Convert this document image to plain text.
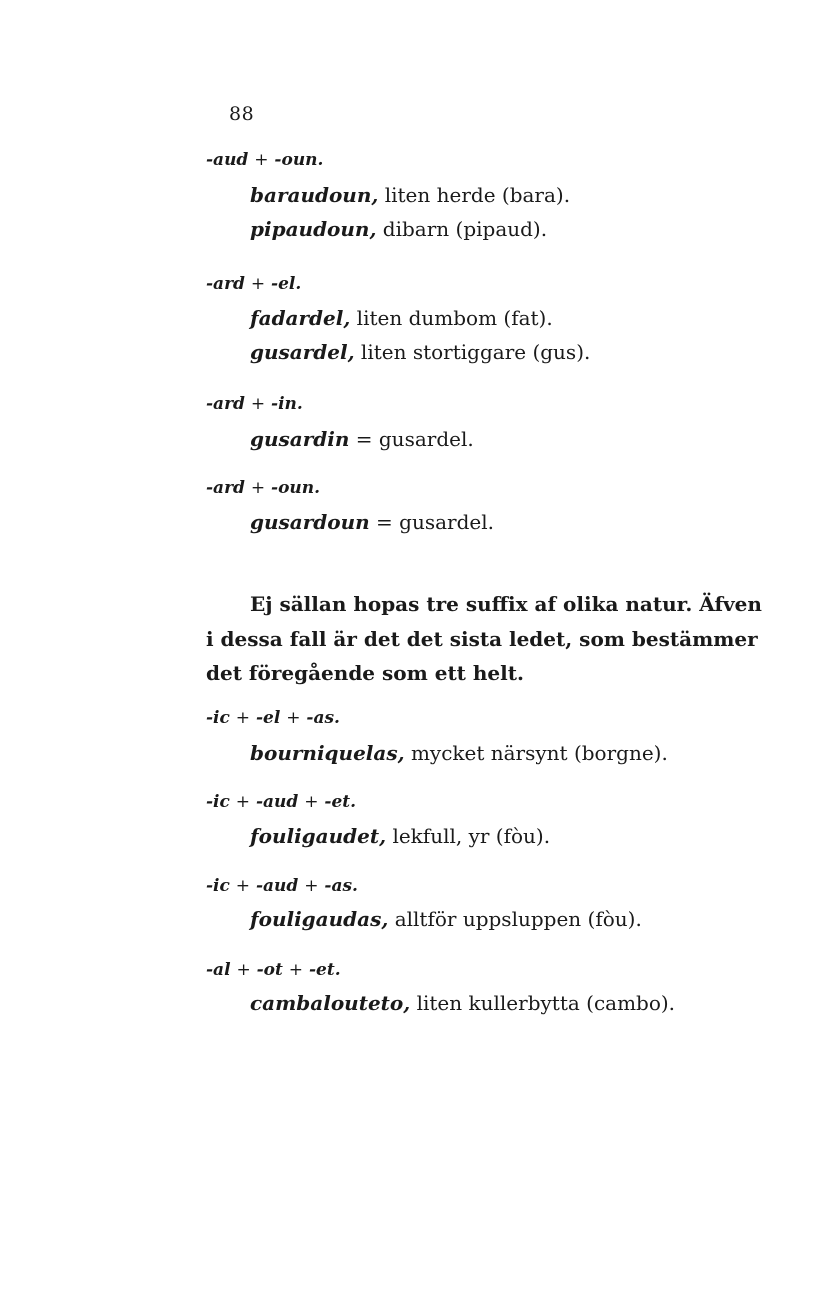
88
-aud + -oun.
baraudoun, liten herde (bara).
pipaudoun, dibarn (pipaud).
-ard + -el.
fadardel, liten dumbom (fat).
gusardel, liten stortiggare (gus).
-ard + -in.
gusardin = gusardel.
-ard + -oun.
gusardoun = gusardel.
Ej sällan hopas tre suffix af olika natur. Äfven
i dessa fall är det det sista ledet, som bestämmer
det föregående som ett helt.
-ic + -el + -as.
bourniquelas, mycket närsynt (borgne).
-ic + -aud + -et.
fouligaudet, lekfull, yr (fòu).
-ic + -aud + -as.
fouligaudas, alltför uppsluppen (fòu).
-al + -ot + -et.
cambalouteto, liten kullerbytta (cambo).
